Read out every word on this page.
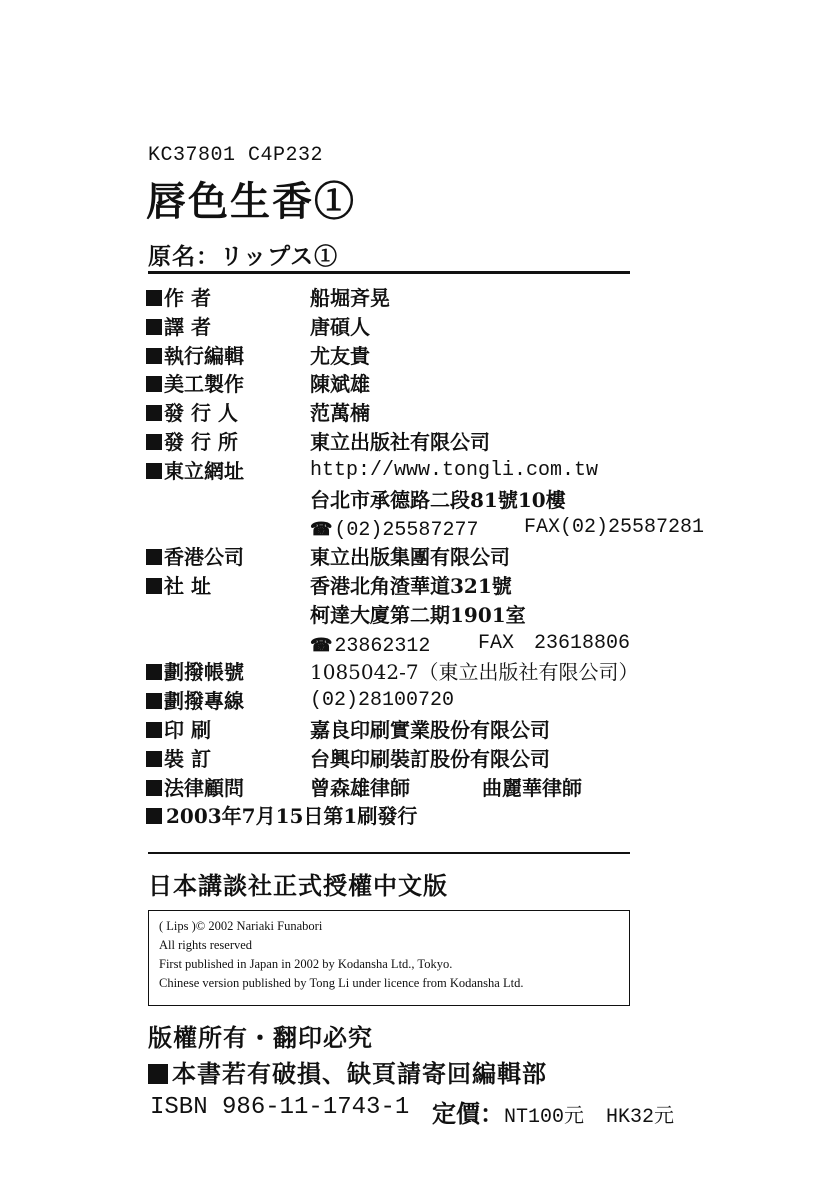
KC37801 C4P232
唇色生香①
原名：リップス①
作 者	船堀斉晃
譯 者	唐碩人
執行編輯	尤友貴
美工製作	陳斌雄
發 行 人	范萬楠
發 行 所	東立出版社有限公司
東立網址	http://www.tongli.com.tw
台北市承德路二段81號10樓
☎ (02)25587277 FAX(02)25587281
香港公司	東立出版集團有限公司
社 址	香港北角渣華道321號
柯達大廈第二期1901室
☎ 23862312 FAX　23618806
劃撥帳號	1085042-7（東立出版社有限公司）
劃撥專線	(02)28100720
印 刷	嘉良印刷實業股份有限公司
裝 訂	台興印刷裝訂股份有限公司
法律顧問	曾森雄律師	曲麗華律師
2003年7月15日第1刷發行
日本講談社正式授權中文版
( Lips )© 2002 Nariaki Funabori
All rights reserved
First published in Japan in 2002 by Kodansha Ltd., Tokyo.
Chinese version published by Tong Li under licence from Kodansha Ltd.
版權所有・翻印必究
本書若有破損、缺頁請寄回編輯部
ISBN 986-11-1743-1 定價：NT100元 HK32元
